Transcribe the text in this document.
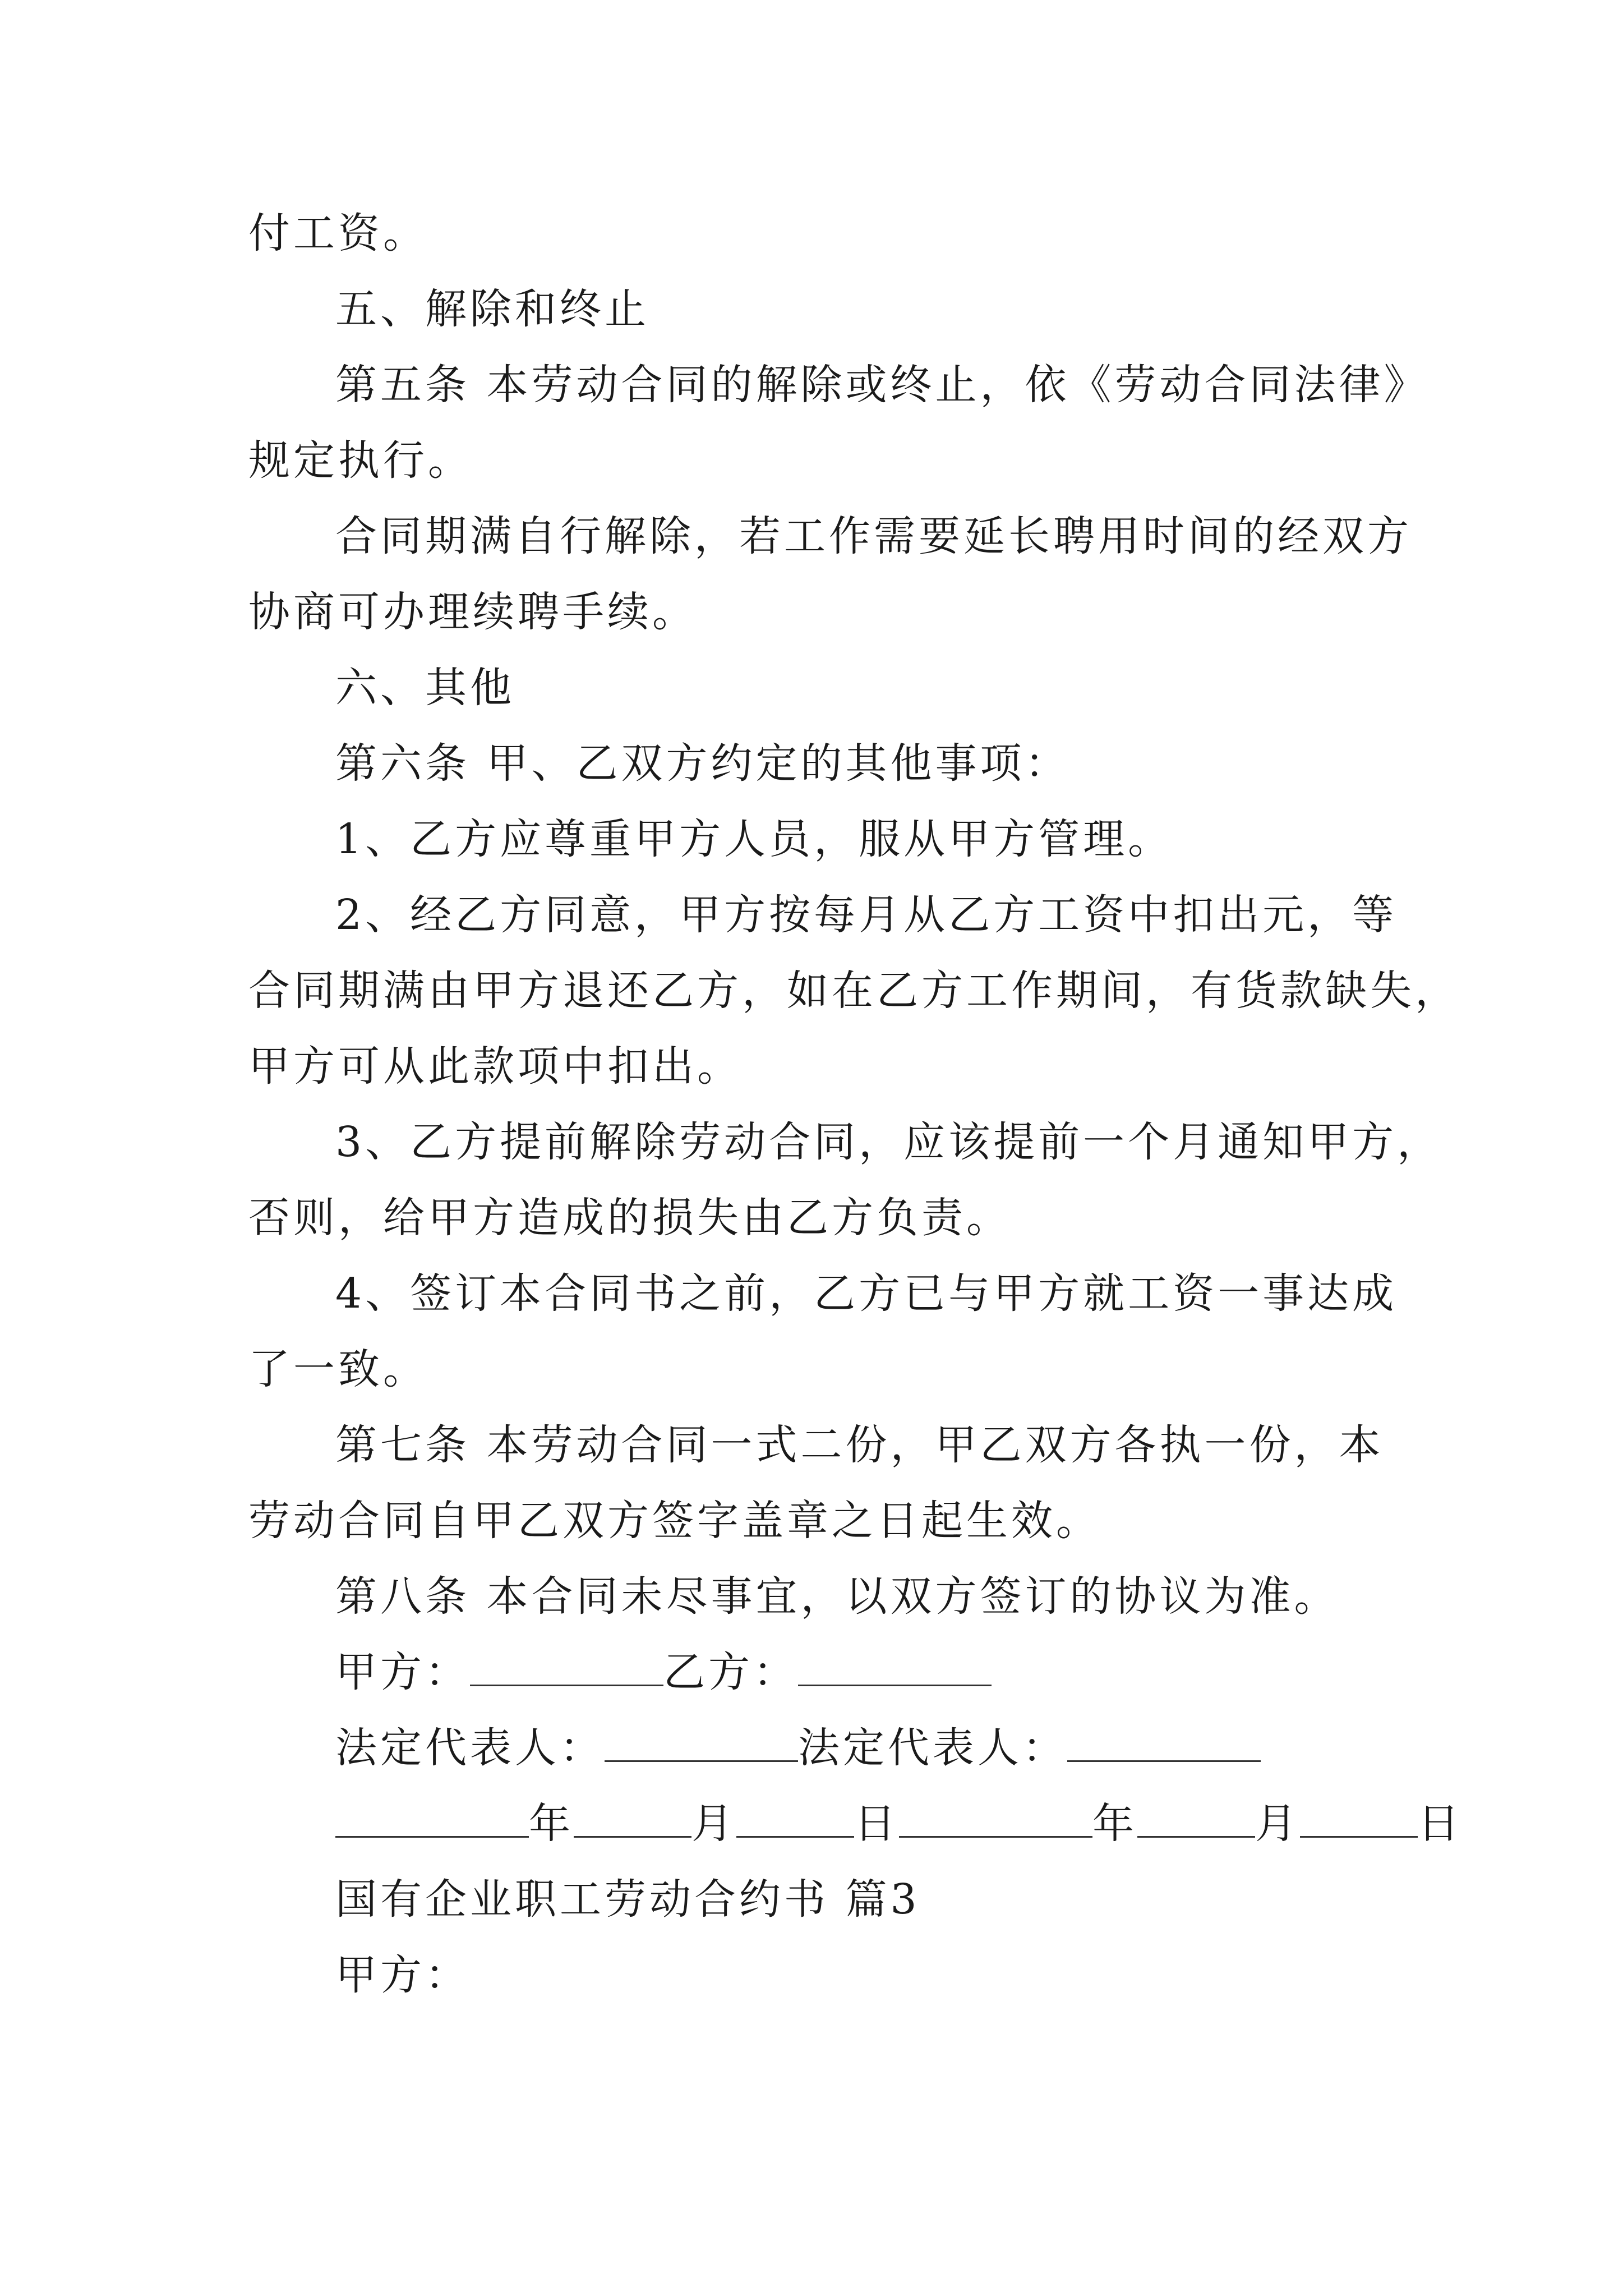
付工资。

五、解除和终止

第五条 本劳动合同的解除或终止，依《劳动合同法律》

规定执行。

合同期满自行解除，若工作需要延长聘用时间的经双方

协商可办理续聘手续。

六、其他

第六条 甲、乙双方约定的其他事项：

1、乙方应尊重甲方人员，服从甲方管理。

2、经乙方同意，甲方按每月从乙方工资中扣出元，等

合同期满由甲方退还乙方，如在乙方工作期间，有货款缺失，

甲方可从此款项中扣出。

3、乙方提前解除劳动合同，应该提前一个月通知甲方，

否则，给甲方造成的损失由乙方负责。

4、签订本合同书之前，乙方已与甲方就工资一事达成

了一致。

第七条 本劳动合同一式二份，甲乙双方各执一份，本

劳动合同自甲乙双方签字盖章之日起生效。

第八条 本合同未尽事宜，以双方签订的协议为准。

甲方：	乙方：
法定代表人：	法定代表人：
年	月	日	年	月	日

国有企业职工劳动合约书 篇3

甲方：
